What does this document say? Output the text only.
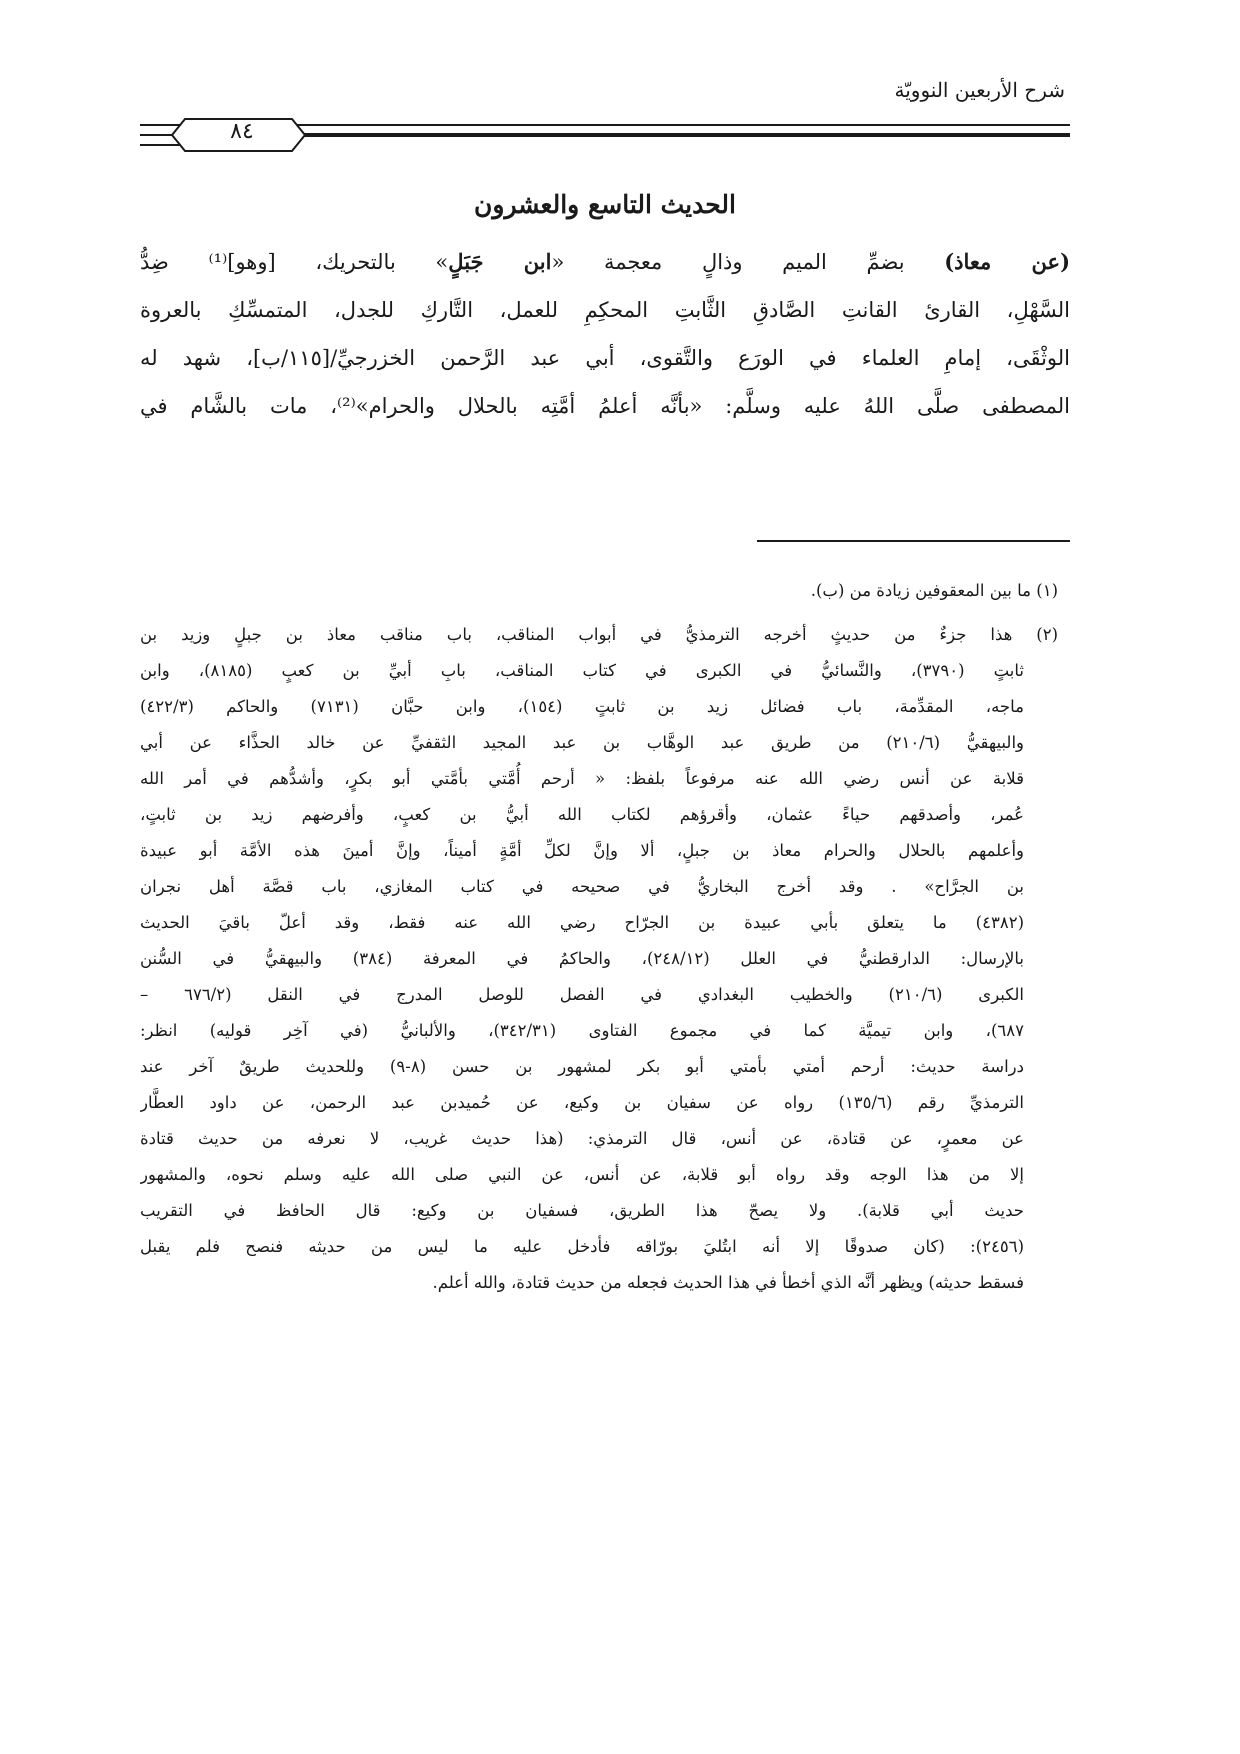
شرح الأربعين النوويّة
٨٤
الحديث التاسع والعشرون
(عن معاذ) بضمِّ الميم وذالٍ معجمة «ابن جَبَلٍ» بالتحريك، [وهو]⁽¹⁾ ضِدُّ
السَّهْلِ، القارئ القانتِ الصَّادقِ الثَّابتِ المحكِمِ للعمل، التَّاركِ للجدل، المتمسِّكِ بالعروة
الوثْقَى، إمامِ العلماء في الورَع والتَّقوى، أبي عبد الرَّحمن الخزرجيِّ/[١١٥/ب]، شهد له
المصطفى صلَّى اللهُ عليه وسلَّم: «بأنَّه أعلمُ أمَّتِه بالحلال والحرام»⁽²⁾، مات بالشَّام في
(١) ما بين المعقوفين زيادة من (ب).
(٢) هذا جزءٌ من حديثٍ أخرجه الترمذيُّ في أبواب المناقب، باب مناقب معاذ بن جبلٍ وزيد بن
ثابتٍ (٣٧٩٠)، والنَّسائيُّ في الكبرى في كتاب المناقب، بابِ أبيِّ بن كعبٍ (٨١٨٥)، وابن
ماجه، المقدِّمة، باب فضائل زيد بن ثابتٍ (١٥٤)، وابن حبَّان (٧١٣١) والحاكم (٤٢٢/٣)
والبيهقيُّ (٢١٠/٦) من طريق عبد الوهَّاب بن عبد المجيد الثقفيِّ عن خالد الحذَّاء عن أبي
قلابة عن أنس رضي الله عنه مرفوعاً بلفظ: « أرحم أُمَّتي بأمَّتي أبو بكرٍ، وأشدُّهم في أمر الله
عُمر، وأصدقهم حياءً عثمان، وأقرؤهم لكتاب الله أبيُّ بن كعبٍ، وأفرضهم زيد بن ثابتٍ،
وأعلمهم بالحلال والحرام معاذ بن جبلٍ، ألا وإنَّ لكلِّ أمَّةٍ أميناً، وإنَّ أمينَ هذه الأمَّة أبو عبيدة
بن الجرَّاح» . وقد أخرج البخاريُّ في صحيحه في كتاب المغازي، باب قصَّة أهل نجران
(٤٣٨٢) ما يتعلق بأبي عبيدة بن الجرّاح رضي الله عنه فقط، وقد أعلّ باقيَ الحديث
بالإرسال: الدارقطنيُّ في العلل (٢٤٨/١٢)، والحاكمُ في المعرفة (٣٨٤) والبيهقيُّ في السُّنن
الكبرى (٢١٠/٦) والخطيب البغدادي في الفصل للوصل المدرج في النقل (٦٧٦/٢ –
٦٨٧)، وابن تيميَّة كما في مجموع الفتاوى (٣٤٢/٣١)، والألبانيُّ (في آخِر قوليه) انظر:
دراسة حديث: أرحم أمتي بأمتي أبو بكر لمشهور بن حسن (٨-٩) وللحديث طريقٌ آخر عند
الترمذيِّ رقم (١٣٥/٦) رواه عن سفيان بن وكيع، عن حُميدبن عبد الرحمن، عن داود العطَّار
عن معمرٍ، عن قتادة، عن أنس، قال الترمذي: (هذا حديث غريب، لا نعرفه من حديث قتادة
إلا من هذا الوجه وقد رواه أبو قلابة، عن أنس، عن النبي صلى الله عليه وسلم نحوه، والمشهور
حديث أبي قلابة). ولا يصحّ هذا الطريق، فسفيان بن وكيع: قال الحافظ في التقريب
(٢٤٥٦): (كان صدوقًا إلا أنه ابتُليَ بورّاقه فأدخل عليه ما ليس من حديثه فنصح فلم يقبل
فسقط حديثه) ويظهر أنَّه الذي أخطأ في هذا الحديث فجعله من حديث قتادة، والله أعلم.
